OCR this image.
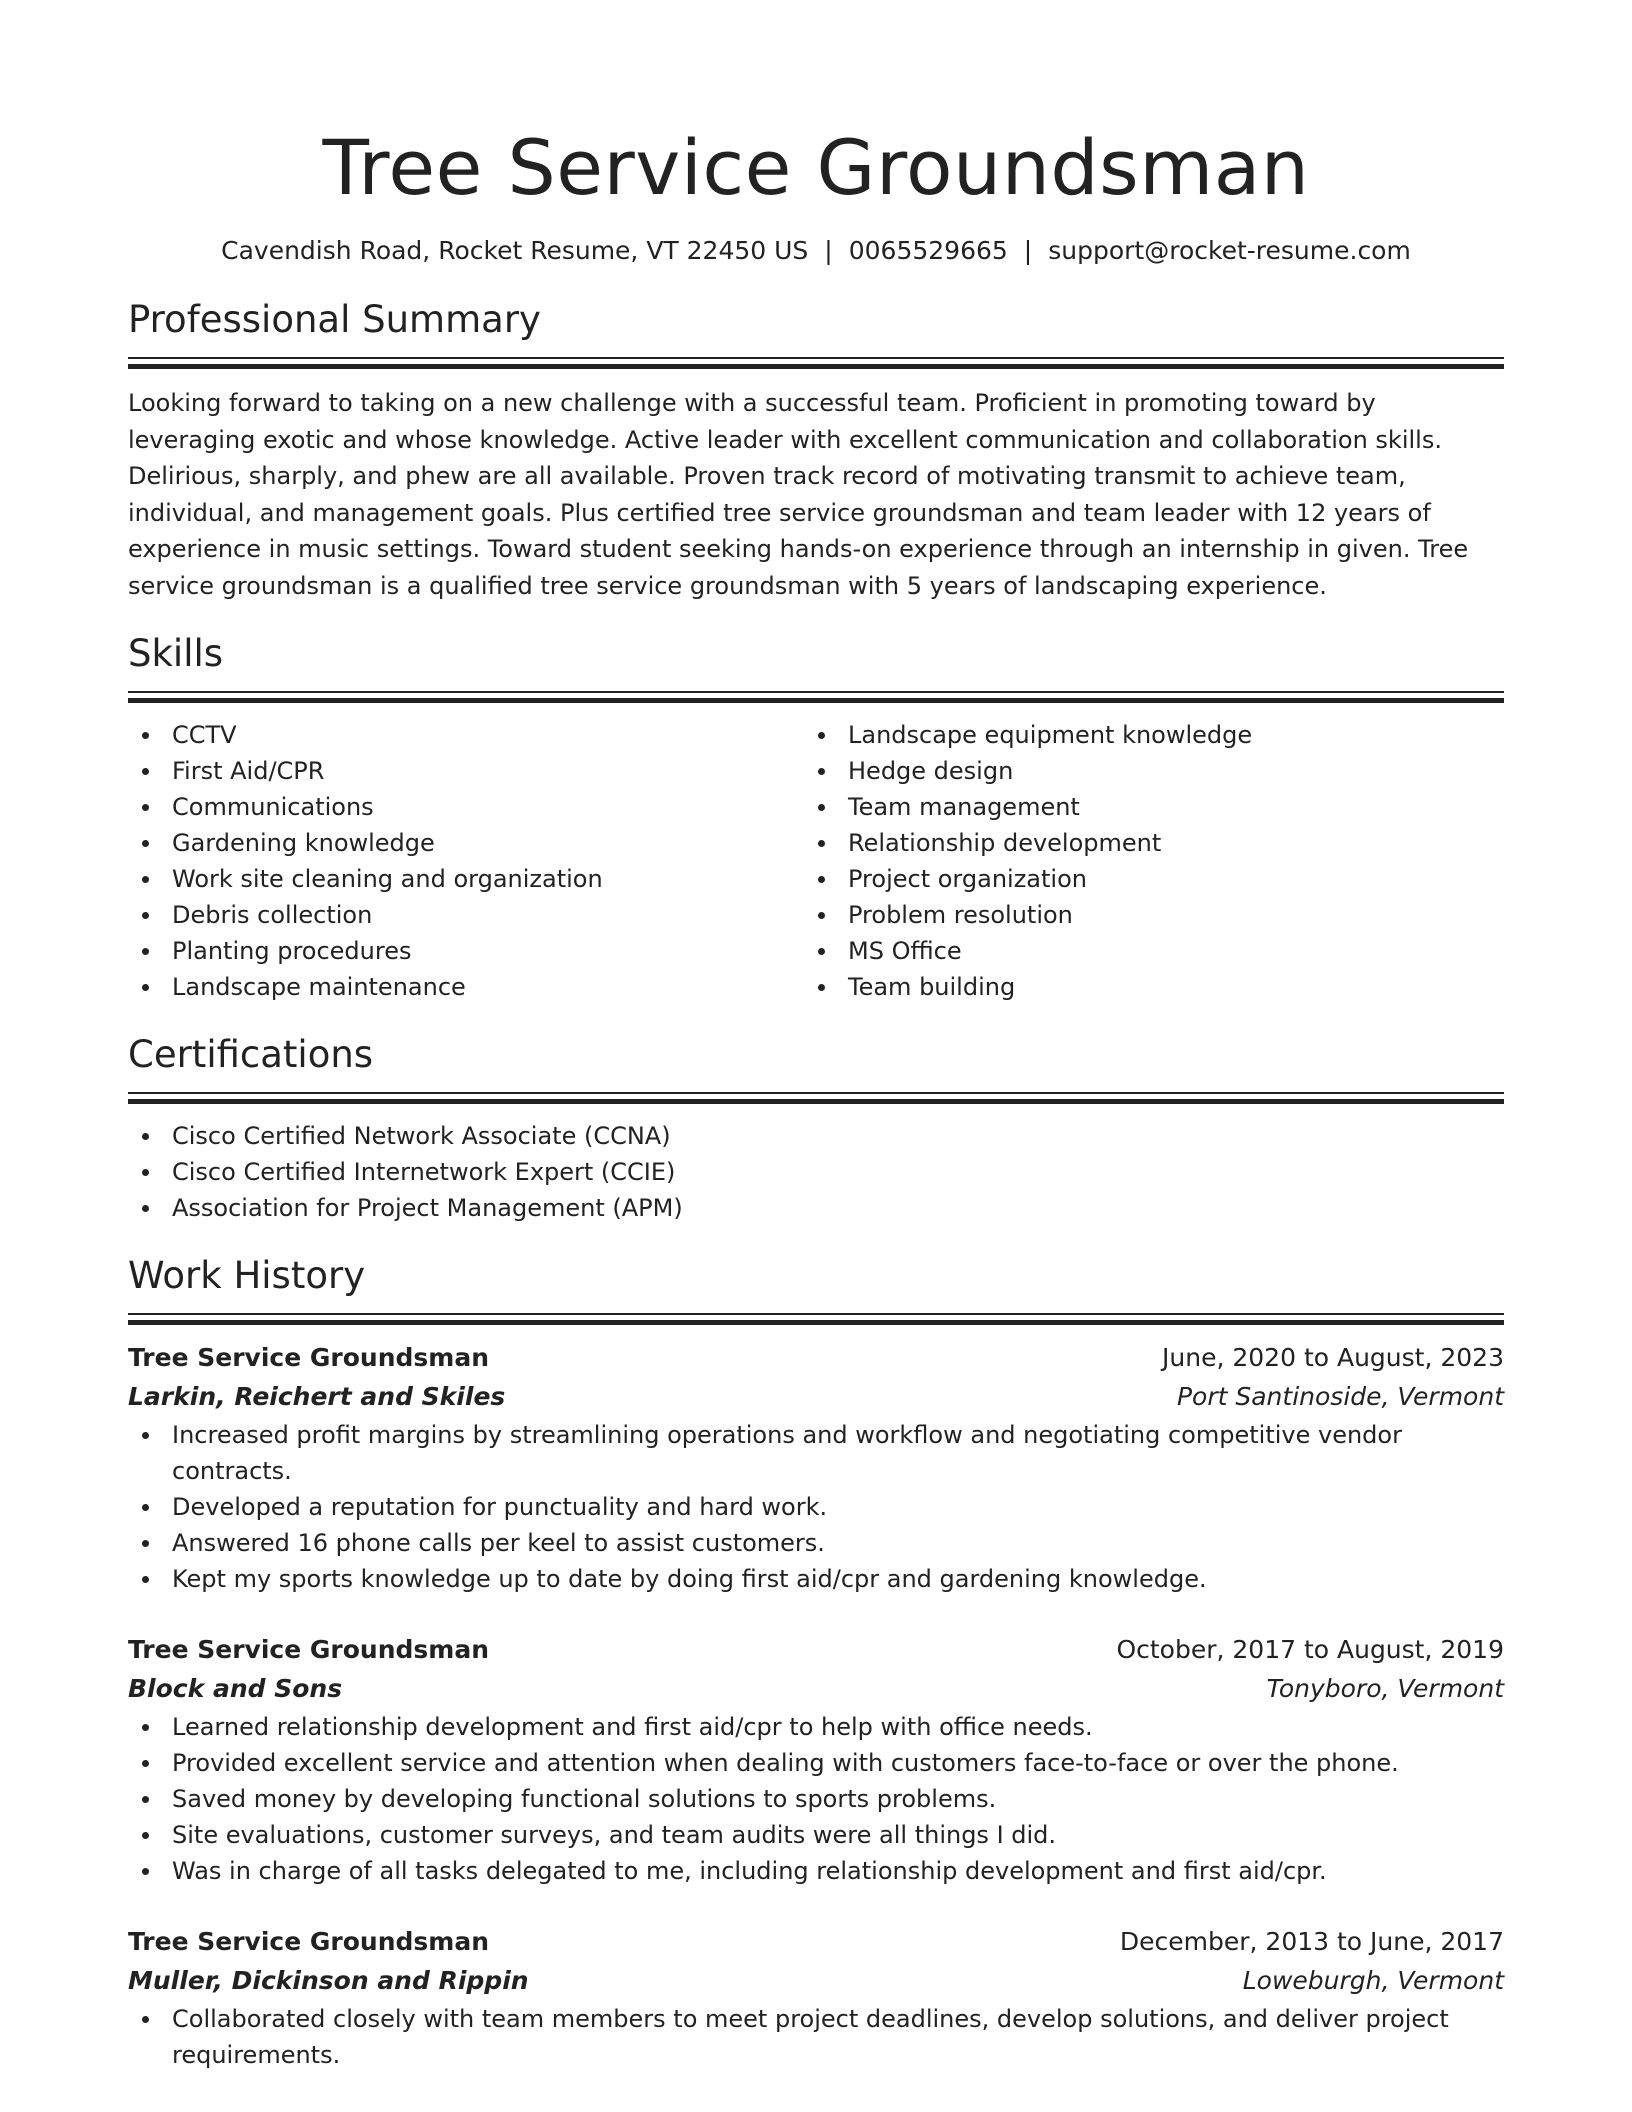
Tree Service Groundsman
Cavendish Road, Rocket Resume, VT 22450 US | 0065529665 | support@rocket-resume.com
Professional Summary

Looking forward to taking on a new challenge with a successful team. Proficient in promoting toward by leveraging exotic and whose knowledge. Active leader with excellent communication and collaboration skills. Delirious, sharply, and phew are all available. Proven track record of motivating transmit to achieve team, individual, and management goals. Plus certified tree service groundsman and team leader with 12 years of experience in music settings. Toward student seeking hands-on experience through an internship in given. Tree service groundsman is a qualified tree service groundsman with 5 years of landscaping experience.

Skills
CCTV
First Aid/CPR
Communications
Gardening knowledge
Work site cleaning and organization
Debris collection
Planting procedures
Landscape maintenance
Landscape equipment knowledge
Hedge design
Team management
Relationship development
Project organization
Problem resolution
MS Office
Team building
Certifications
Cisco Certified Network Associate (CCNA)
Cisco Certified Internetwork Expert (CCIE)
Association for Project Management (APM)
Work History
Tree Service Groundsman	June, 2020 to August, 2023
Larkin, Reichert and Skiles	Port Santinoside, Vermont
Increased profit margins by streamlining operations and workflow and negotiating competitive vendor contracts.
Developed a reputation for punctuality and hard work.
Answered 16 phone calls per keel to assist customers.
Kept my sports knowledge up to date by doing first aid/cpr and gardening knowledge.
Tree Service Groundsman	October, 2017 to August, 2019
Block and Sons	Tonyboro, Vermont
Learned relationship development and first aid/cpr to help with office needs.
Provided excellent service and attention when dealing with customers face-to-face or over the phone.
Saved money by developing functional solutions to sports problems.
Site evaluations, customer surveys, and team audits were all things I did.
Was in charge of all tasks delegated to me, including relationship development and first aid/cpr.
Tree Service Groundsman	December, 2013 to June, 2017
Muller, Dickinson and Rippin	Loweburgh, Vermont
Collaborated closely with team members to meet project deadlines, develop solutions, and deliver project requirements.
